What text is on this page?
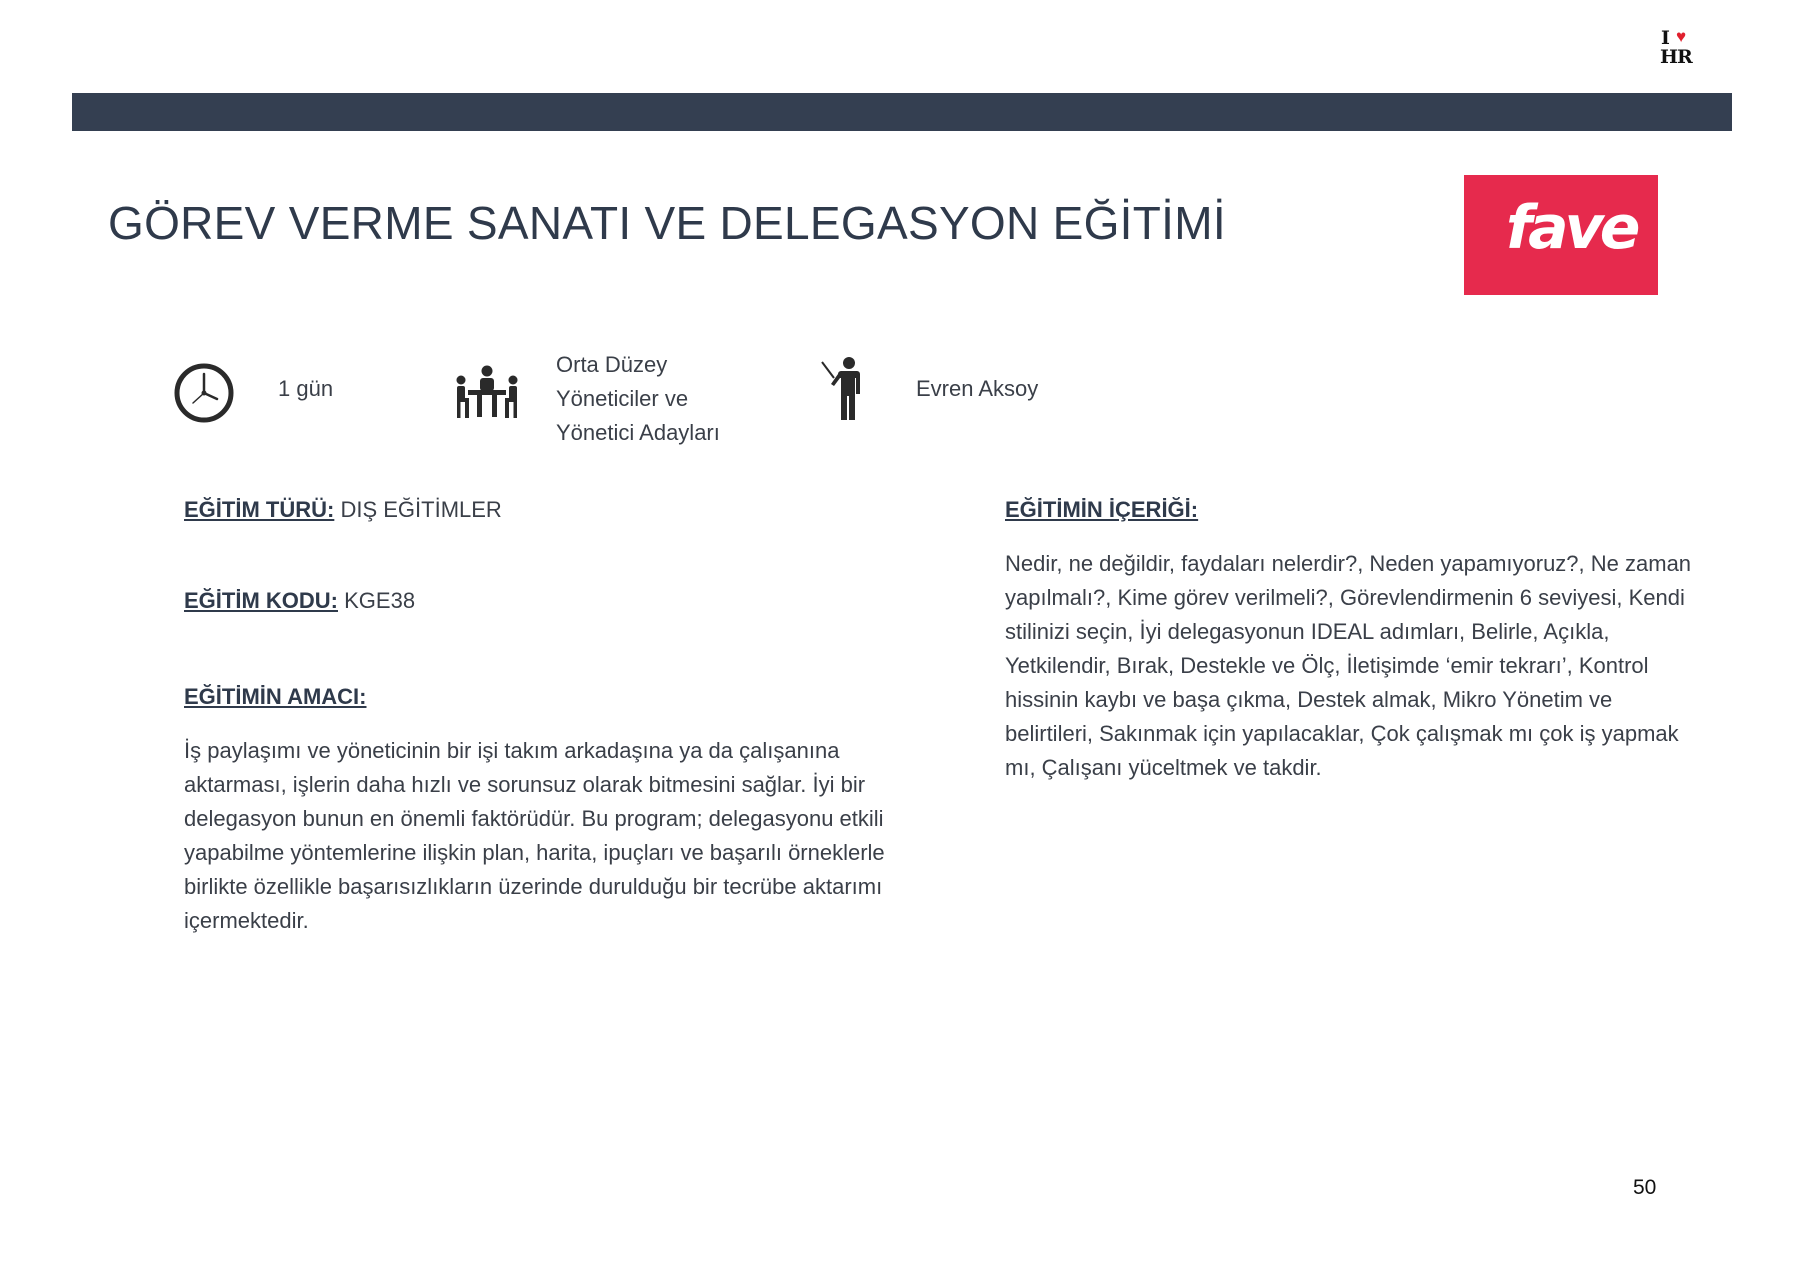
I ♥
HR
GÖREV VERME SANATI VE DELEGASYON EĞİTİMİ	fave
1 gün
Orta Düzey
Yöneticiler ve
Yönetici Adayları
Evren Aksoy
EĞİTİM TÜRÜ: DIŞ EĞİTİMLER
EĞİTİM KODU: KGE38
EĞİTİMİN AMACI:

İş paylaşımı ve yöneticinin bir işi takım arkadaşına ya da çalışanına aktarması, işlerin daha hızlı ve sorunsuz olarak bitmesini sağlar. İyi bir delegasyon bunun en önemli faktörüdür. Bu program; delegasyonu etkili yapabilme yöntemlerine ilişkin plan, harita, ipuçları ve başarılı örneklerle birlikte özellikle başarısızlıkların üzerinde durulduğu bir tecrübe aktarımı içermektedir.

EĞİTİMİN İÇERİĞİ:

Nedir, ne değildir, faydaları nelerdir?, Neden yapamıyoruz?, Ne zaman yapılmalı?, Kime görev verilmeli?, Görevlendirmenin 6 seviyesi, Kendi stilinizi seçin, İyi delegasyonun IDEAL adımları, Belirle, Açıkla, Yetkilendir, Bırak, Destekle ve Ölç, İletişimde ‘emir tekrarı’, Kontrol hissinin kaybı ve başa çıkma, Destek almak, Mikro Yönetim ve belirtileri, Sakınmak için yapılacaklar, Çok çalışmak mı çok iş yapmak mı, Çalışanı yüceltmek ve takdir.

50
